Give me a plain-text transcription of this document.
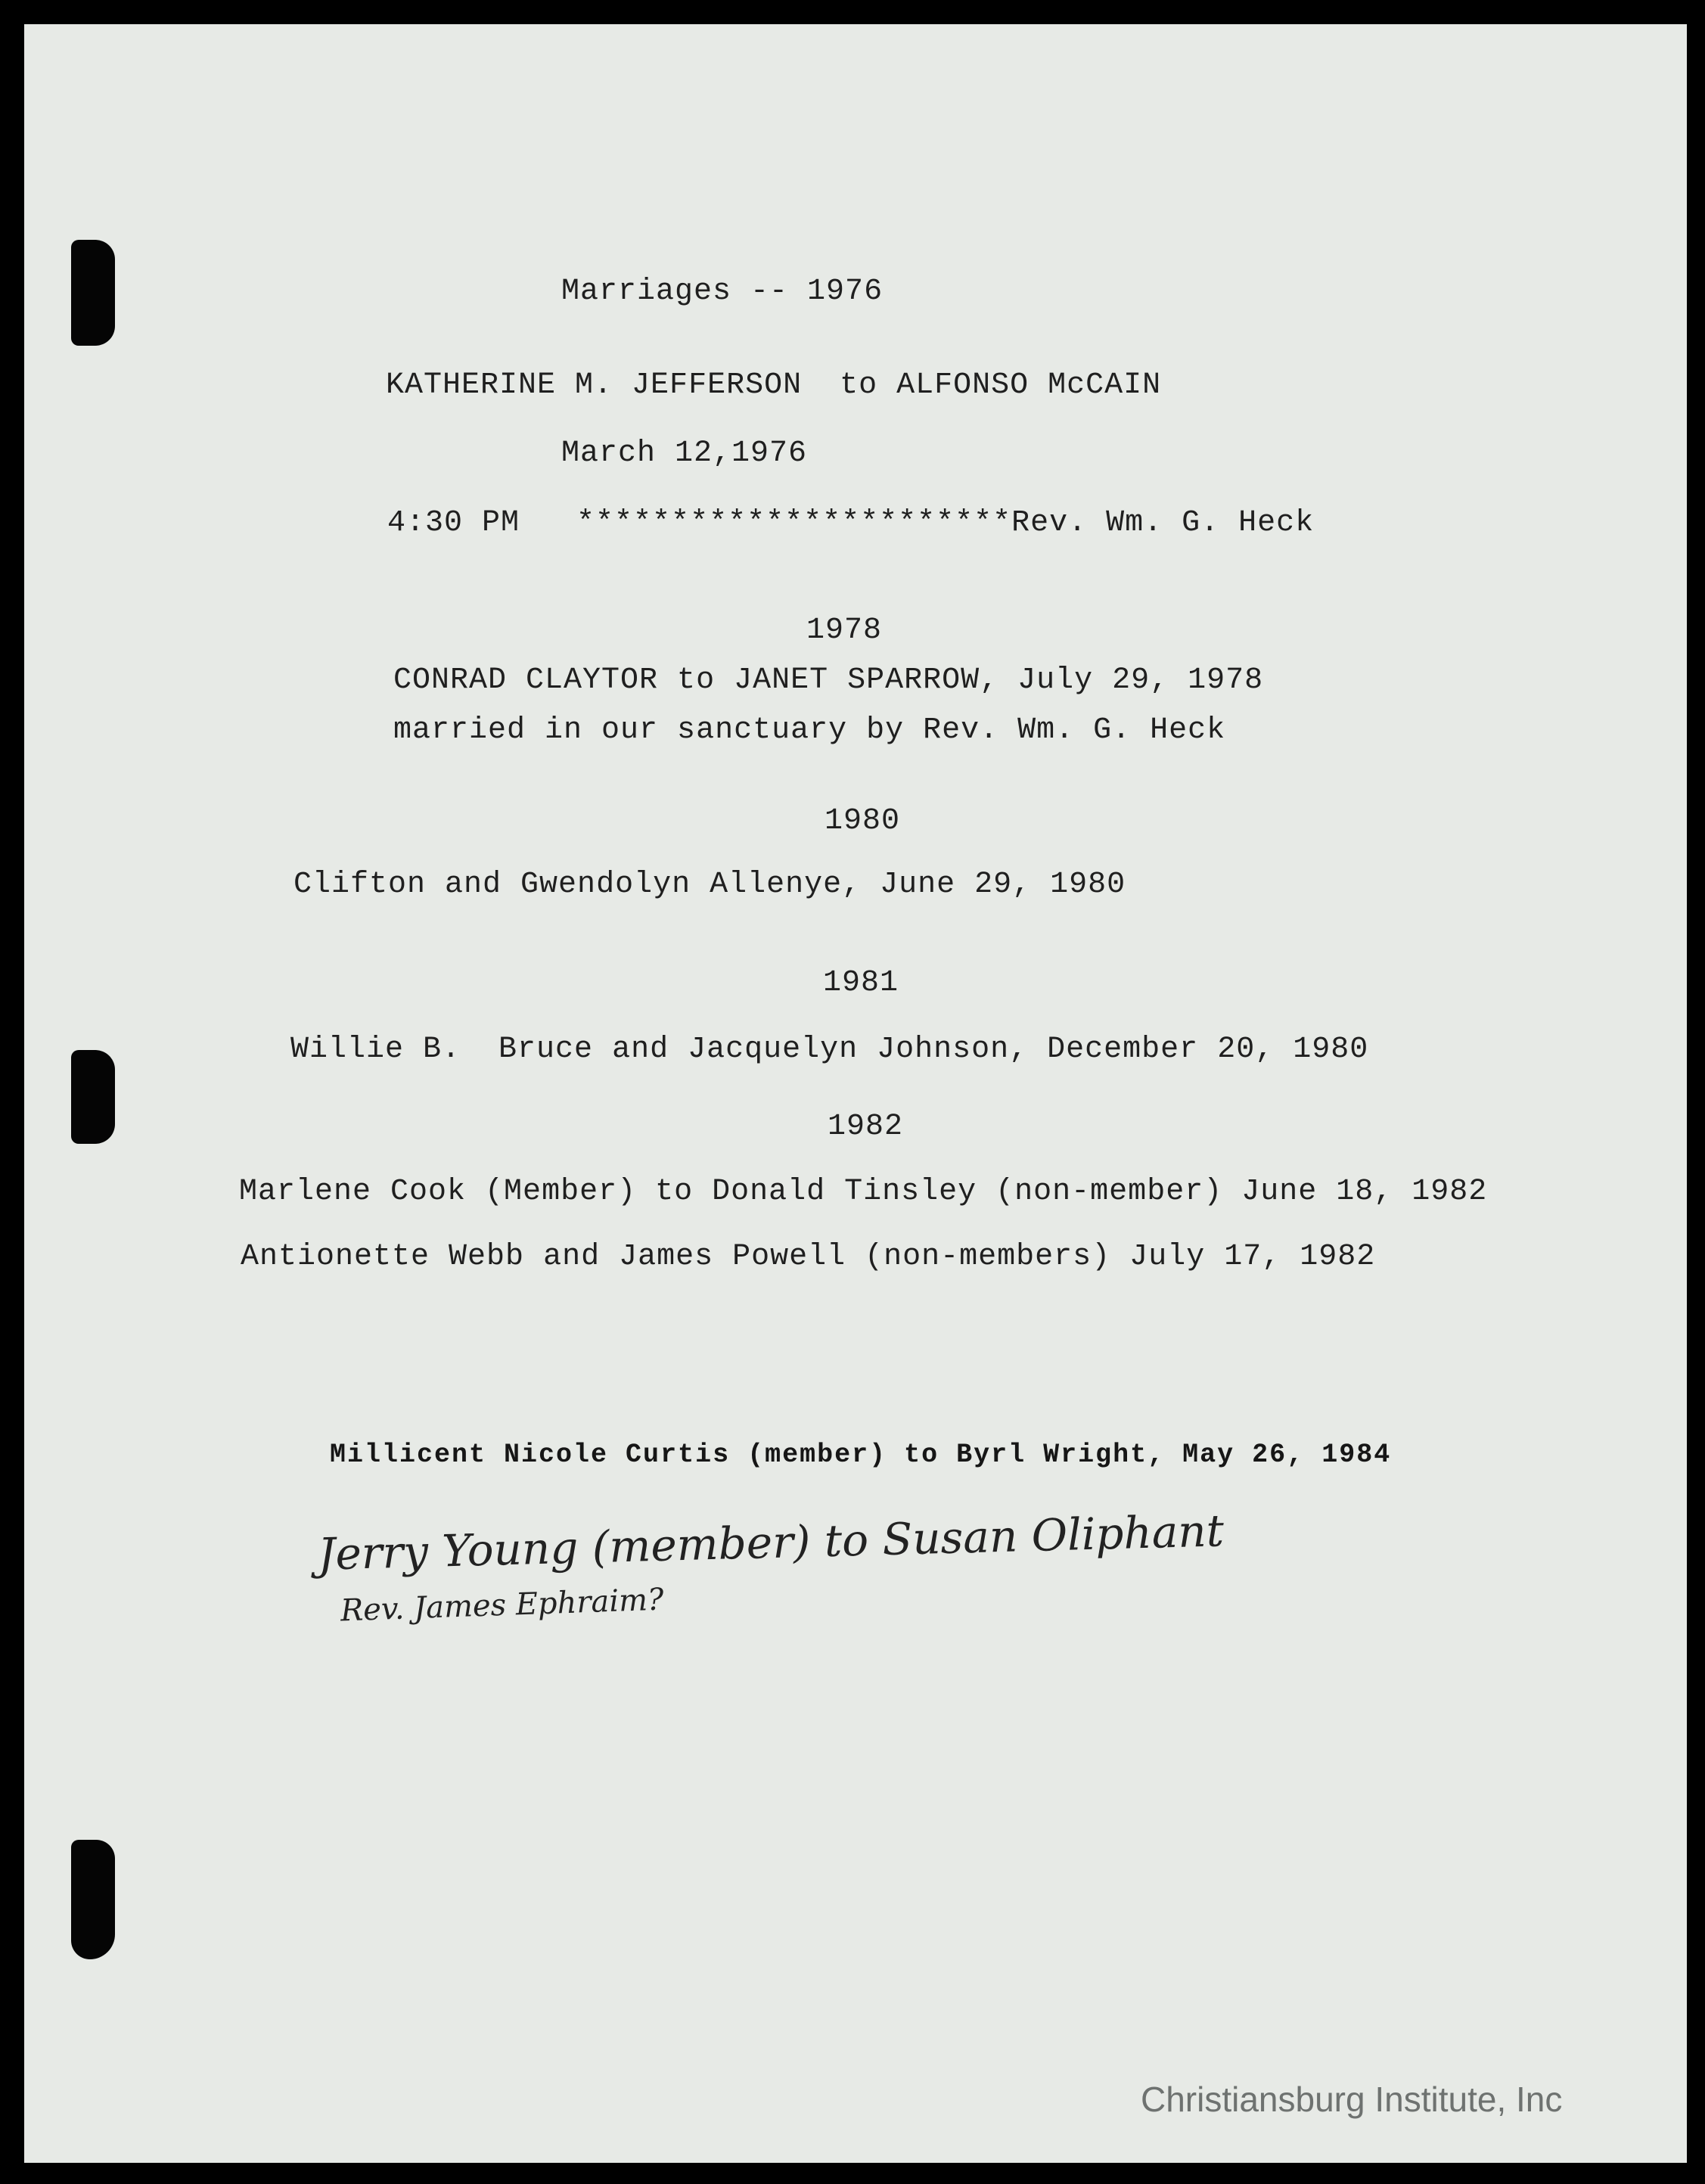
Marriages -- 1976
KATHERINE M. JEFFERSON  to ALFONSO McCAIN
March 12,1976
4:30 PM   ***********************Rev. Wm. G. Heck
1978
CONRAD CLAYTOR to JANET SPARROW, July 29, 1978
married in our sanctuary by Rev. Wm. G. Heck
1980
Clifton and Gwendolyn Allenye, June 29, 1980
1981
Willie B.  Bruce and Jacquelyn Johnson, December 20, 1980
1982
Marlene Cook (Member) to Donald Tinsley (non-member) June 18, 1982
Antionette Webb and James Powell (non-members) July 17, 1982
Millicent Nicole Curtis (member) to Byrl Wright, May 26, 1984
Jerry Young (member) to Susan Oliphant
Rev. James Ephraim?
Christiansburg Institute, Inc
